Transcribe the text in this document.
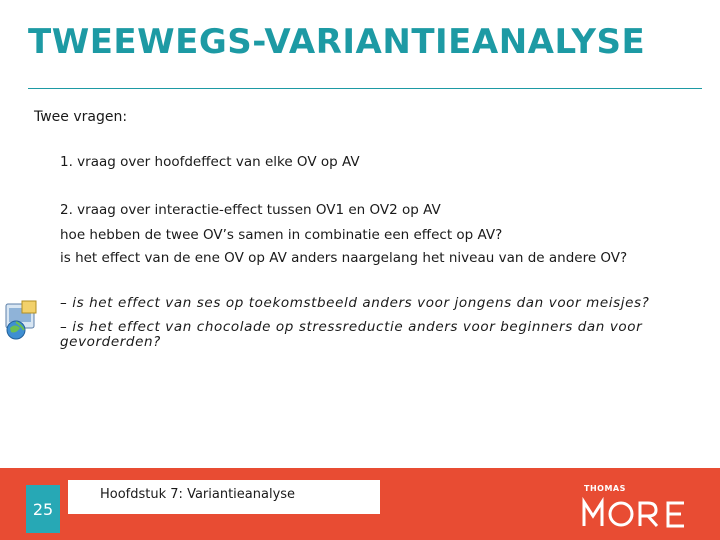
TWEEWEGS-VARIANTIEANALYSE
Twee vragen:
1. vraag over hoofdeffect van elke OV op AV
2. vraag over interactie-effect tussen OV1 en OV2 op AV
hoe hebben de twee OV’s samen in combinatie een effect op AV?
is het effect van de ene OV op AV anders naargelang het niveau van de andere OV?
– is het effect van ses op toekomstbeeld anders voor jongens dan voor meisjes?
– is het effect van chocolade op stressreductie anders voor beginners dan voor
gevorderden?
25
Hoofdstuk 7: Variantieanalyse	THOMAS
